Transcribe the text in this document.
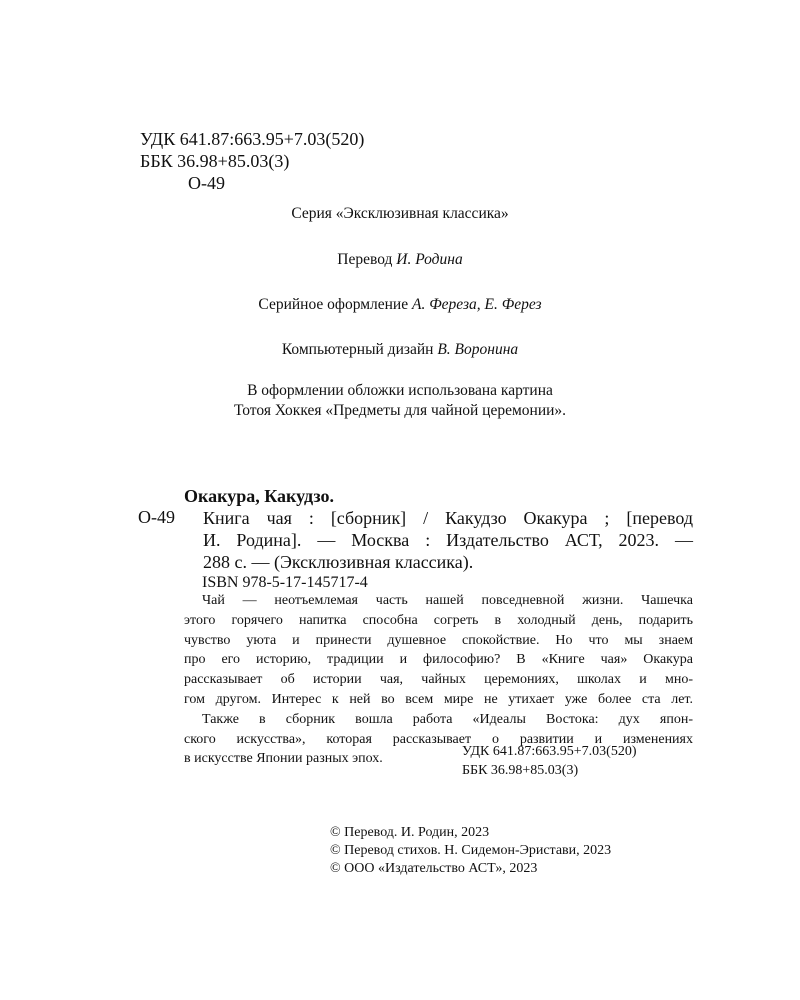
УДК 641.87:663.95+7.03(520)
ББК 36.98+85.03(3)
О-49
Серия «Эксклюзивная классика»
Перевод И. Родина
Серийное оформление А. Фереза, Е. Ферез
Компьютерный дизайн В. Воронина
В оформлении обложки использована картина
Тотоя Хоккея «Предметы для чайной церемонии».
Окакура, Какудзо.
О-49 Книга чая : [сборник] / Какудзо Окакура ; [перевод
И. Родина]. — Москва : Издательство АСТ, 2023. —
288 с. — (Эксклюзивная классика).
ISBN 978-5-17-145717-4
Чай — неотъемлемая часть нашей повседневной жизни. Чашечка
этого горячего напитка способна согреть в холодный день, подарить
чувство уюта и принести душевное спокойствие. Но что мы знаем
про его историю, традиции и философию? В «Книге чая» Окакура
рассказывает об истории чая, чайных церемониях, школах и мно-
гом другом. Интерес к ней во всем мире не утихает уже более ста лет.
Также в сборник вошла работа «Идеалы Востока: дух япон-
ского искусства», которая рассказывает о развитии и изменениях
в искусстве Японии разных эпох.	УДК 641.87:663.95+7.03(520)
ББК 36.98+85.03(3)
© Перевод. И. Родин, 2023
© Перевод стихов. Н. Сидемон-Эристави, 2023
© ООО «Издательство АСТ», 2023
